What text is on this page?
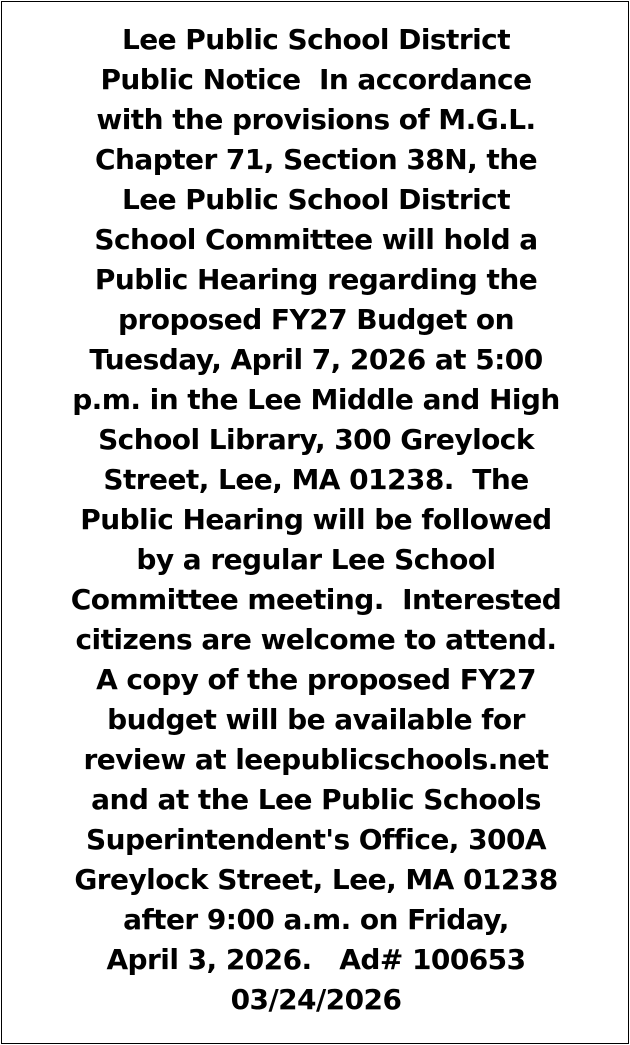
Lee Public School District
Public Notice  In accordance
with the provisions of M.G.L.
Chapter 71, Section 38N, the
Lee Public School District
School Committee will hold a
Public Hearing regarding the
proposed FY27 Budget on
Tuesday, April 7, 2026 at 5:00
p.m. in the Lee Middle and High
School Library, 300 Greylock
Street, Lee, MA 01238.  The
Public Hearing will be followed
by a regular Lee School
Committee meeting.  Interested
citizens are welcome to attend.
A copy of the proposed FY27
budget will be available for
review at leepublicschools.net
and at the Lee Public Schools
Superintendent's Office, 300A
Greylock Street, Lee, MA 01238
after 9:00 a.m. on Friday,
April 3, 2026.   Ad# 100653
03/24/2026
